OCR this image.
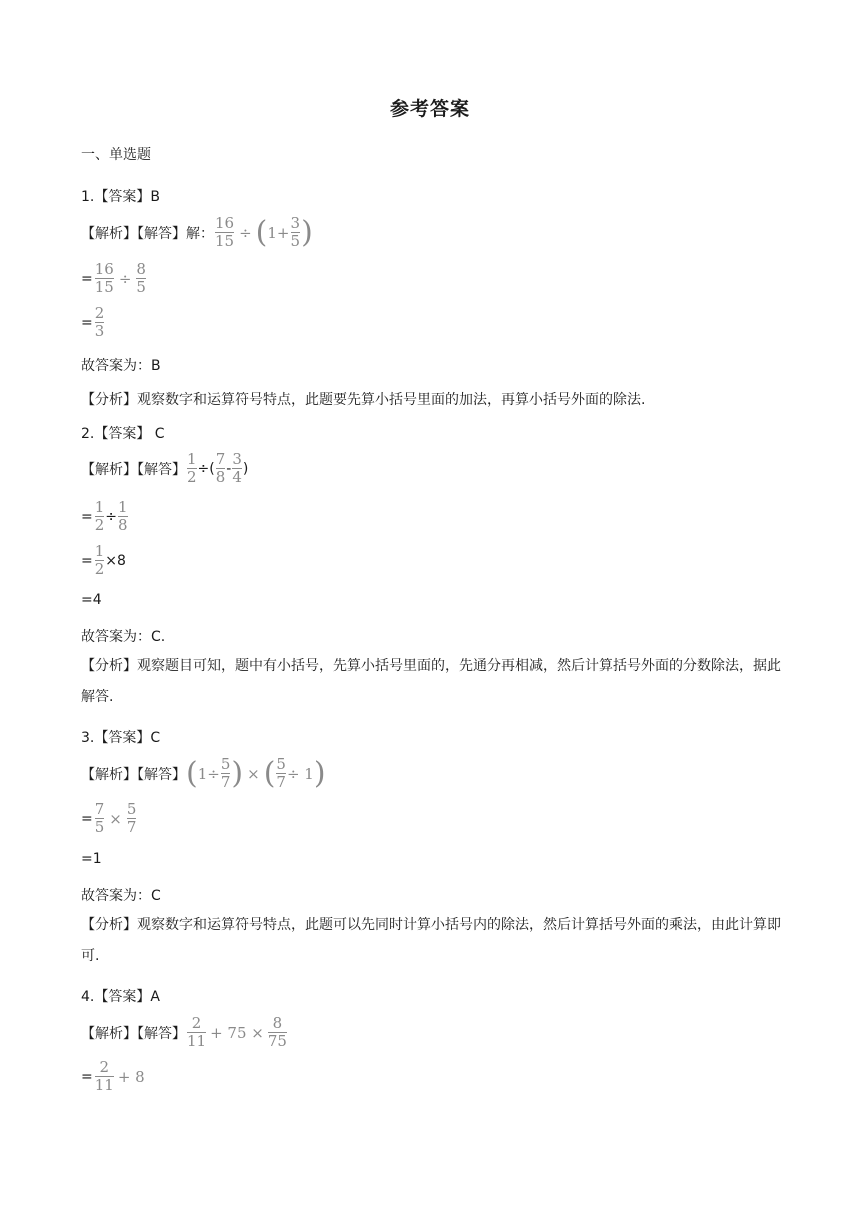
参考答案
一、单选题
1.【答案】B
【解析】【解答】解： $\frac{16}{15}$ ÷ ( $1+ \frac{3}{5}$ )
= $\frac{16}{15} \div \frac{8}{5}$
= $\frac{2}{3}$
故答案为：B
【分析】观察数字和运算符号特点，此题要先算小括号里面的加法，再算小括号外面的除法.
2.【答案】 C
【解析】【解答】 $\frac{1}{2}$ ÷( $\frac{7}{8} - \frac{3}{4}$ )
= $\frac{1}{2} \div \frac{1}{8}$
= $\frac{1}{2} \times 8$
=4
故答案为：C.
【分析】观察题目可知，题中有小括号，先算小括号里面的，先通分再相减，然后计算括号外面的分数除法，据此解答.
3.【答案】C
【解析】【解答】 ( $1\div \frac{5}{7}$ ) × ( $\frac{5}{7} \div 1$ )
= $\frac{7}{5} \times \frac{5}{7}$
=1
故答案为：C
【分析】观察数字和运算符号特点，此题可以先同时计算小括号内的除法，然后计算括号外面的乘法，由此计算即可.
4.【答案】A
【解析】【解答】 $\frac{2}{11} + 75 \times \frac{8}{75}$
= $\frac{2}{11} + 8$
